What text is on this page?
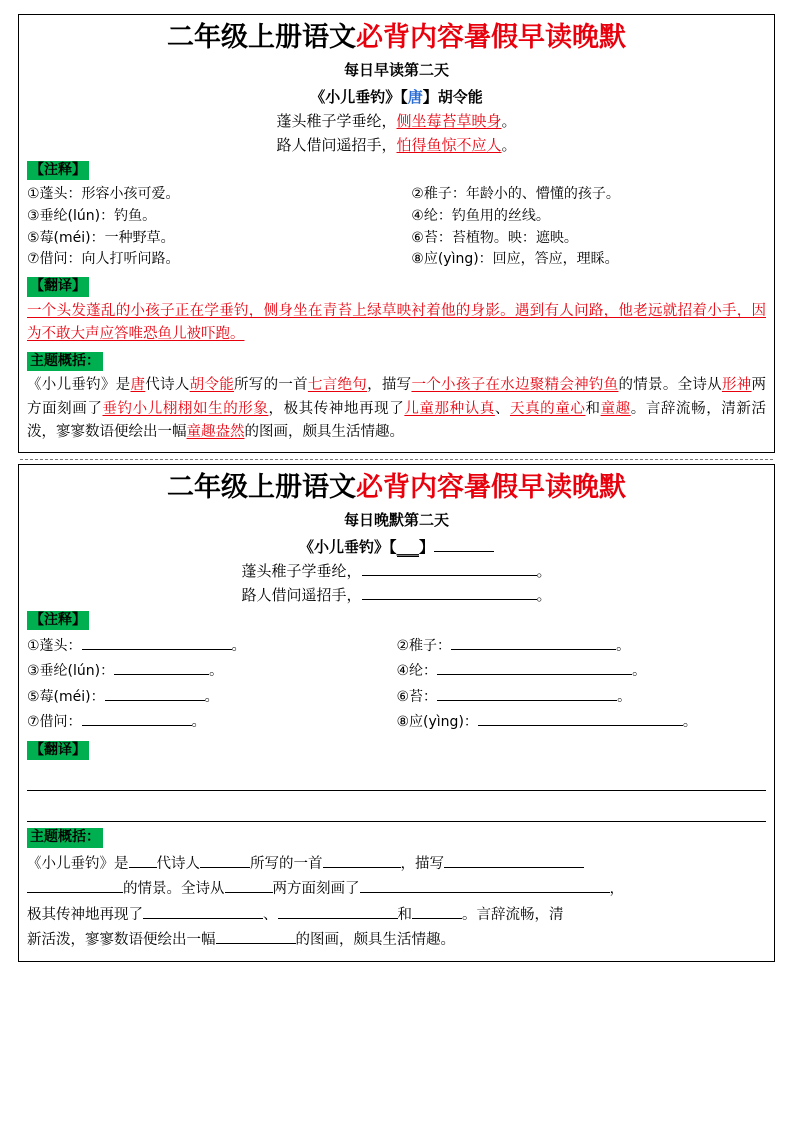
二年级上册语文必背内容暑假早读晚默
每日早读第二天
《小儿垂钓》【唐】胡令能
蓬头稚子学垂纶，侧坐莓苔草映身。
路人借问遥招手，怕得鱼惊不应人。
【注释】
①蓬头：形容小孩可爱。	②稚子：年龄小的、懵懂的孩子。
③垂纶(lún)：钓鱼。	④纶：钓鱼用的丝线。
⑤莓(méi)：一种野草。	⑥苔：苔植物。映：遮映。
⑦借问：向人打听问路。	⑧应(yìng)：回应，答应，理睬。
【翻译】
一个头发蓬乱的小孩子正在学垂钓，侧身坐在青苔上绿草映衬着他的身影。遇到有人问路，他老远就招着小手，因为不敢大声应答唯恐鱼儿被吓跑。
主题概括：
《小儿垂钓》是唐代诗人胡令能所写的一首七言绝句，描写一个小孩子在水边聚精会神钓鱼的情景。全诗从形神两方面刻画了垂钓小儿栩栩如生的形象，极其传神地再现了儿童那种认真、天真的童心和童趣。言辞流畅，清新活泼，寥寥数语便绘出一幅童趣盎然的图画，颇具生活情趣。
二年级上册语文必背内容暑假早读晚默
每日晚默第二天
《小儿垂钓》【___】
蓬头稚子学垂纶，	。
路人借问遥招手，	。
【注释】
①蓬头：	。	②稚子：	。
③垂纶(lún)：	。	④纶：	。
⑤莓(méi)：	。	⑥苔：	。
⑦借问：	。	⑧应(yìng)：	。
【翻译】
主题概括：
《小儿垂钓》是 代诗人	所写的一首	，描写
的情景。全诗从	两方面刻画了	，
极其传神地再现了	、	和	。言辞流畅，清
新活泼，寥寥数语便绘出一幅	的图画，颇具生活情趣。
